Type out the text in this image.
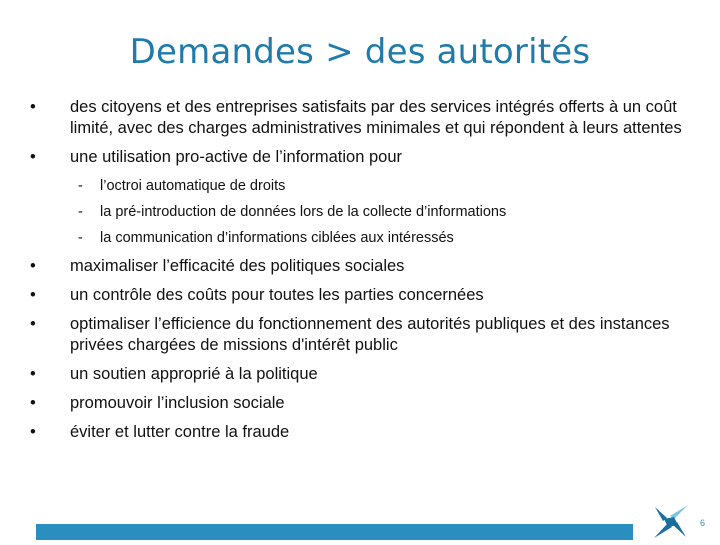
Demandes > des autorités
•	des citoyens et des entreprises satisfaits par des services intégrés offerts à un coût limité, avec des charges administratives minimales et qui répondent à leurs attentes
•	une utilisation pro-active de l’information pour
- l’octroi automatique de droits
- la pré-introduction de données lors de la collecte d’informations
- la communication d’informations ciblées aux intéressés
•	maximaliser l’efficacité des politiques sociales
•	un contrôle des coûts pour toutes les parties concernées
•	optimaliser l’efficience du fonctionnement des autorités publiques et des instances privées chargées de missions d'intérêt public
•	un soutien approprié à la politique
•	promouvoir l’inclusion sociale
•	éviter et lutter contre la fraude
6
